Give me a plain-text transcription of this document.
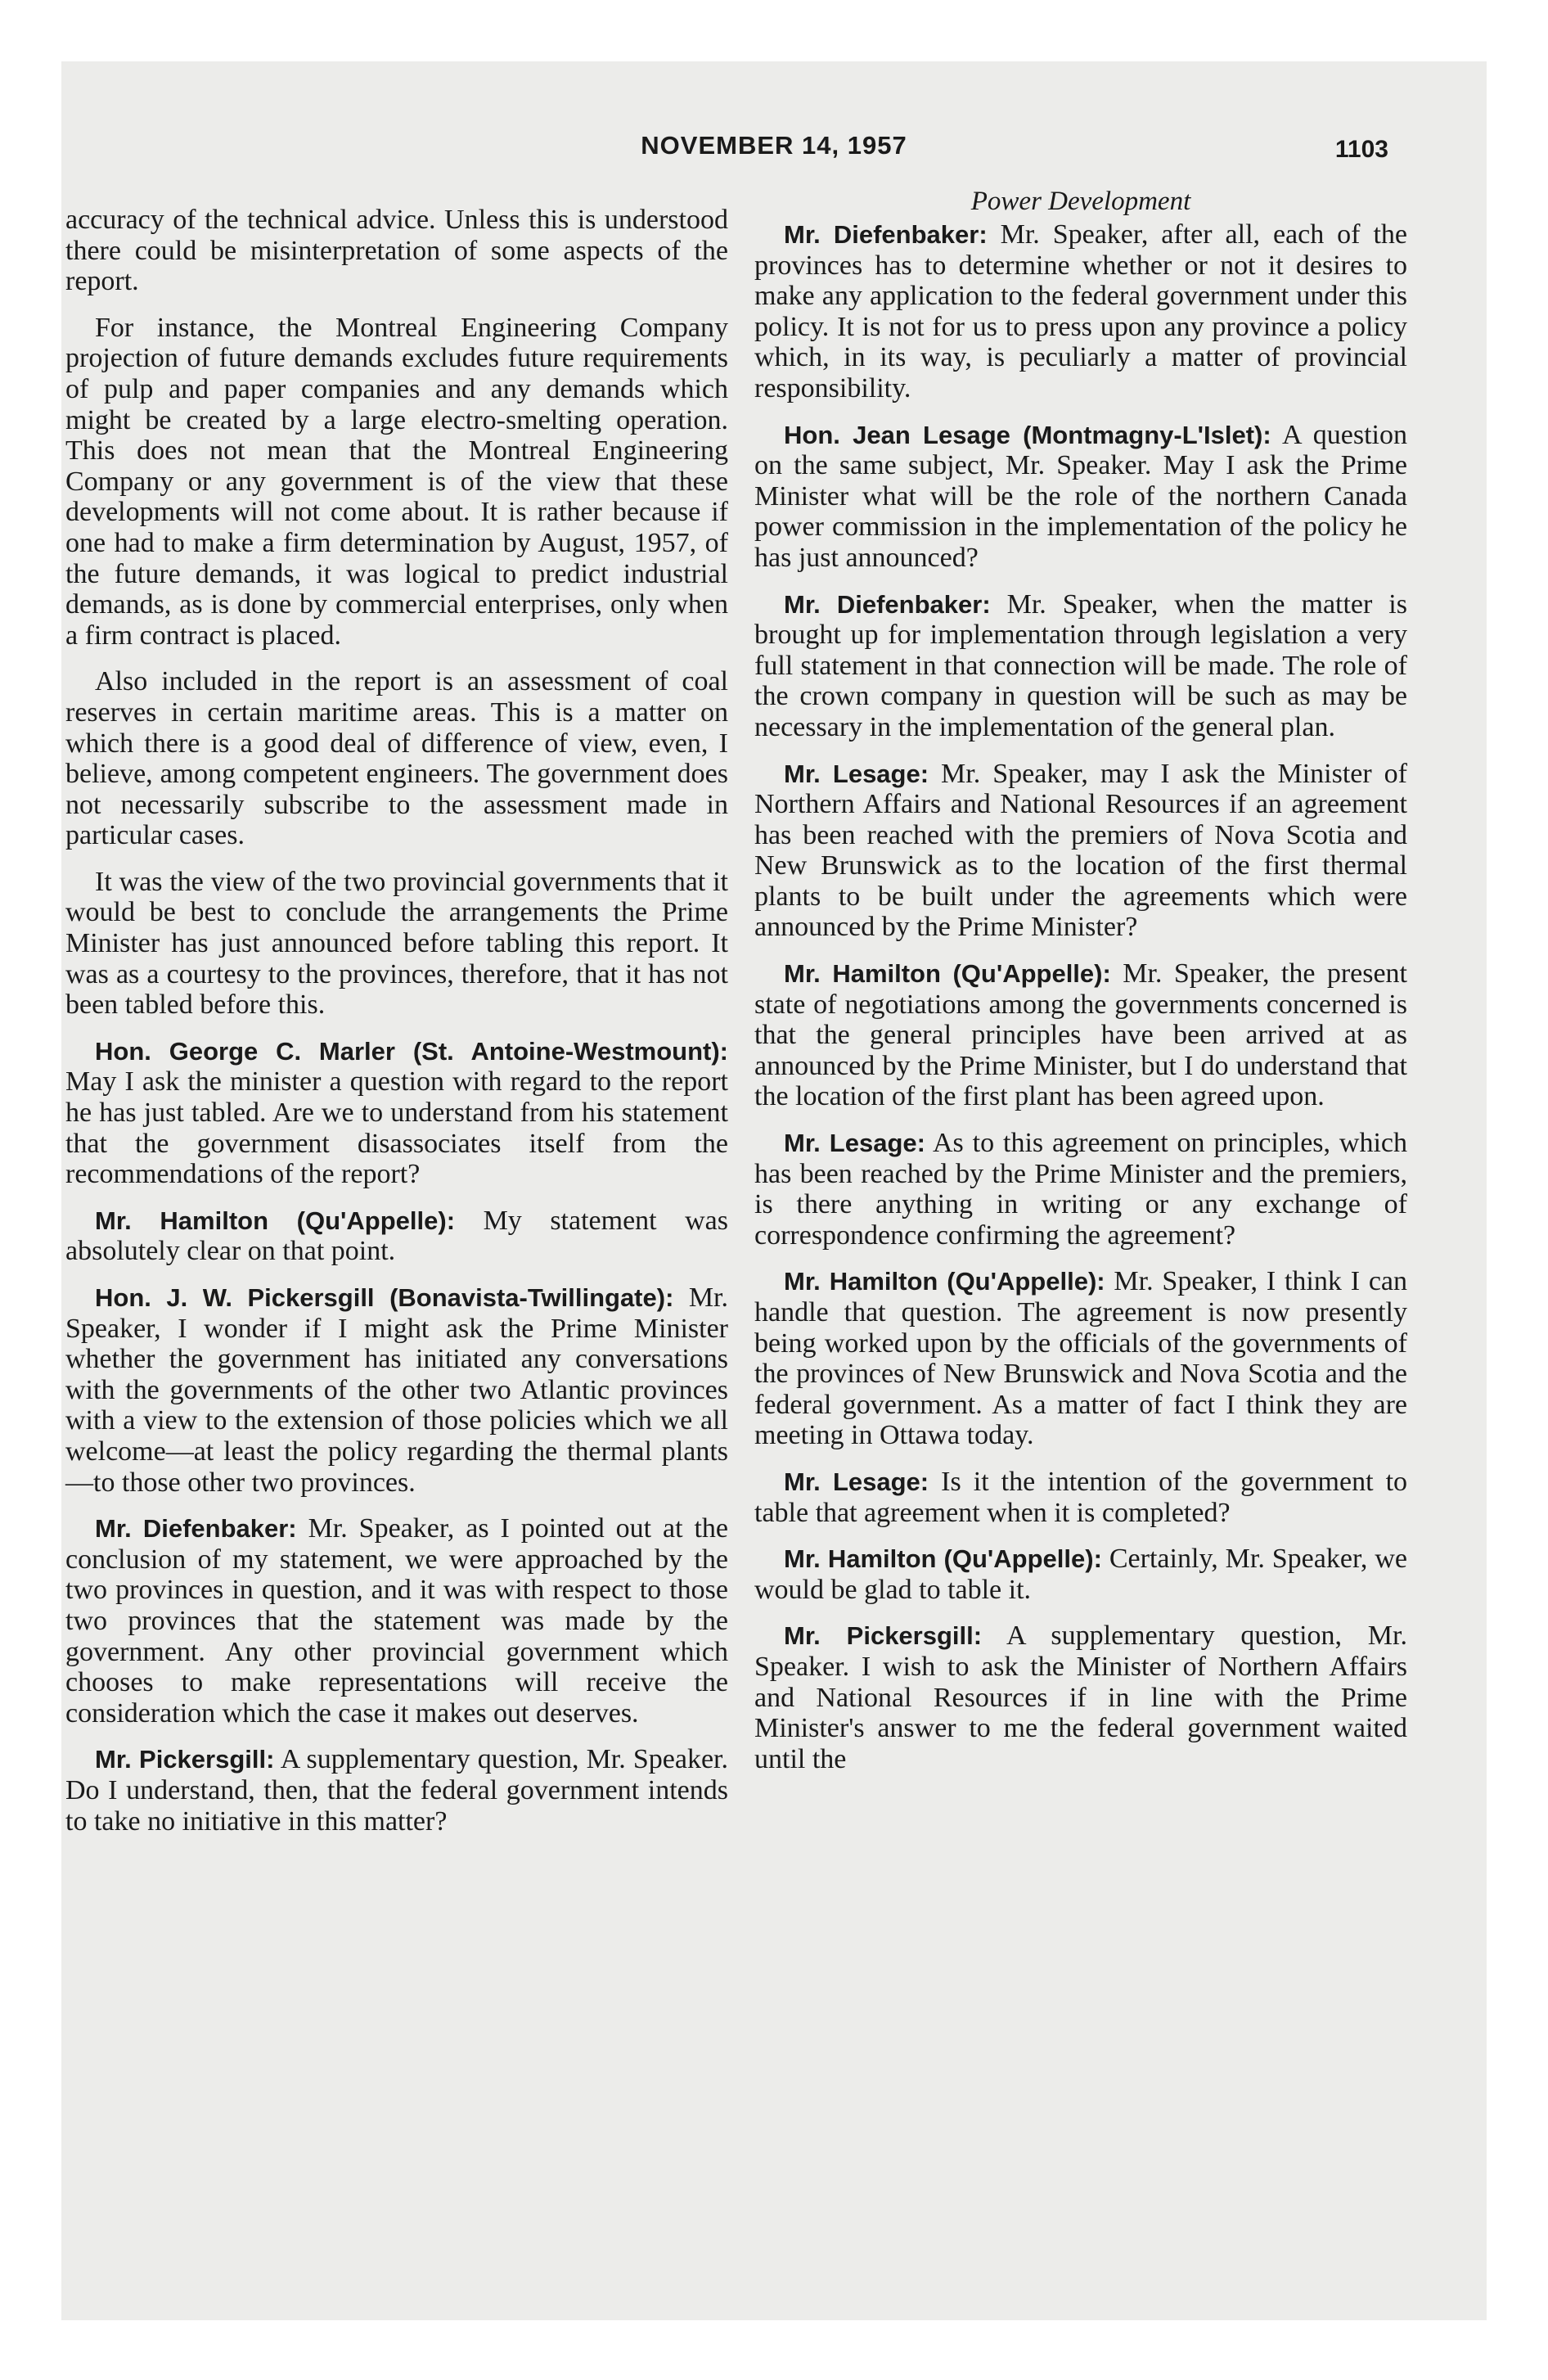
NOVEMBER 14, 1957	1103

accuracy of the technical advice. Unless this is understood there could be misinterpretation of some aspects of the report.

For instance, the Montreal Engineering Company projection of future demands excludes future requirements of pulp and paper companies and any demands which might be created by a large electro-smelting operation. This does not mean that the Montreal Engineering Company or any government is of the view that these developments will not come about. It is rather because if one had to make a firm determination by August, 1957, of the future demands, it was logical to predict industrial demands, as is done by commercial enterprises, only when a firm contract is placed.

Also included in the report is an assessment of coal reserves in certain maritime areas. This is a matter on which there is a good deal of difference of view, even, I believe, among competent engineers. The government does not necessarily subscribe to the assessment made in particular cases.

It was the view of the two provincial governments that it would be best to conclude the arrangements the Prime Minister has just announced before tabling this report. It was as a courtesy to the provinces, therefore, that it has not been tabled before this.

Hon. George C. Marler (St. Antoine-Westmount): May I ask the minister a question with regard to the report he has just tabled. Are we to understand from his statement that the government disassociates itself from the recommendations of the report?

Mr. Hamilton (Qu'Appelle): My statement was absolutely clear on that point.

Hon. J. W. Pickersgill (Bonavista-Twillingate): Mr. Speaker, I wonder if I might ask the Prime Minister whether the government has initiated any conversations with the governments of the other two Atlantic provinces with a view to the extension of those policies which we all welcome—at least the policy regarding the thermal plants—to those other two provinces.

Mr. Diefenbaker: Mr. Speaker, as I pointed out at the conclusion of my statement, we were approached by the two provinces in question, and it was with respect to those two provinces that the statement was made by the government. Any other provincial government which chooses to make representations will receive the consideration which the case it makes out deserves.

Mr. Pickersgill: A supplementary question, Mr. Speaker. Do I understand, then, that the federal government intends to take no initiative in this matter?

Power Development

Mr. Diefenbaker: Mr. Speaker, after all, each of the provinces has to determine whether or not it desires to make any application to the federal government under this policy. It is not for us to press upon any province a policy which, in its way, is peculiarly a matter of provincial responsibility.

Hon. Jean Lesage (Montmagny-L'Islet): A question on the same subject, Mr. Speaker. May I ask the Prime Minister what will be the role of the northern Canada power commission in the implementation of the policy he has just announced?

Mr. Diefenbaker: Mr. Speaker, when the matter is brought up for implementation through legislation a very full statement in that connection will be made. The role of the crown company in question will be such as may be necessary in the implementation of the general plan.

Mr. Lesage: Mr. Speaker, may I ask the Minister of Northern Affairs and National Resources if an agreement has been reached with the premiers of Nova Scotia and New Brunswick as to the location of the first thermal plants to be built under the agreements which were announced by the Prime Minister?

Mr. Hamilton (Qu'Appelle): Mr. Speaker, the present state of negotiations among the governments concerned is that the general principles have been arrived at as announced by the Prime Minister, but I do understand that the location of the first plant has been agreed upon.

Mr. Lesage: As to this agreement on principles, which has been reached by the Prime Minister and the premiers, is there anything in writing or any exchange of correspondence confirming the agreement?

Mr. Hamilton (Qu'Appelle): Mr. Speaker, I think I can handle that question. The agreement is now presently being worked upon by the officials of the governments of the provinces of New Brunswick and Nova Scotia and the federal government. As a matter of fact I think they are meeting in Ottawa today.

Mr. Lesage: Is it the intention of the government to table that agreement when it is completed?

Mr. Hamilton (Qu'Appelle): Certainly, Mr. Speaker, we would be glad to table it.

Mr. Pickersgill: A supplementary question, Mr. Speaker. I wish to ask the Minister of Northern Affairs and National Resources if in line with the Prime Minister's answer to me the federal government waited until the
